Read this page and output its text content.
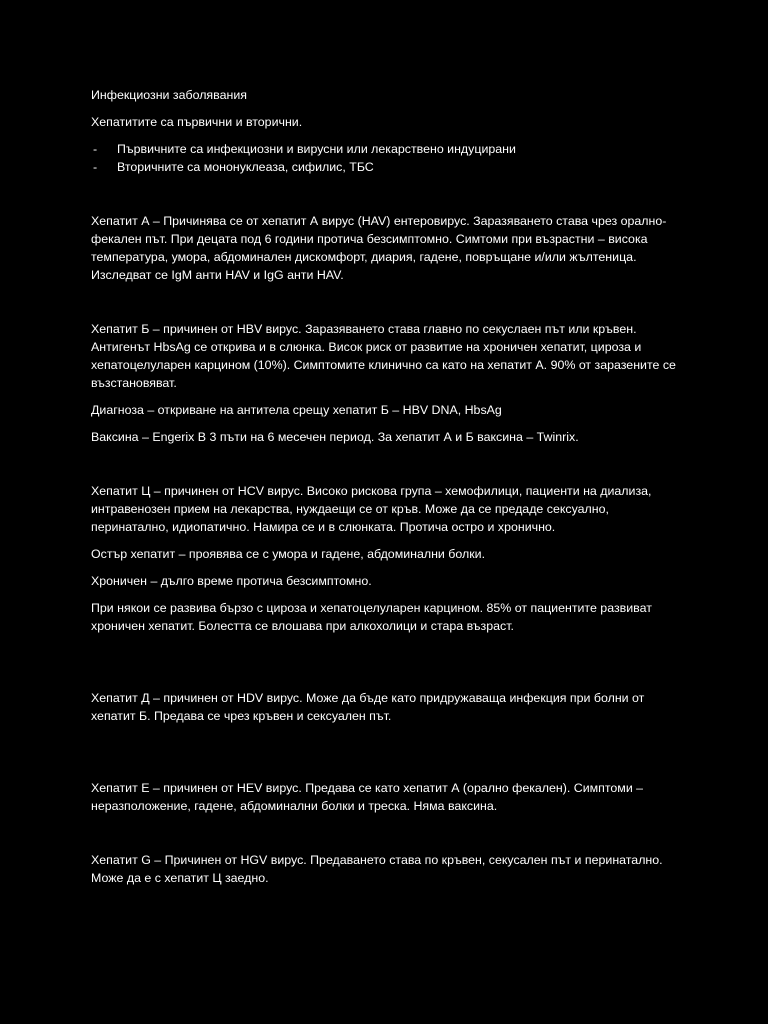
Инфекциозни заболявания

Хепатитите са първични и вторични.

- Първичните са инфекциозни и вирусни или лекарствено индуцирани
- Вторичните са мононуклеаза, сифилис, ТБС

Хепатит А – Причинява се от хепатит А вирус (HAV) ентеровирус. Заразяването става чрез орално-фекален път. При децата под 6 години протича безсимптомно. Симтоми при възрастни – висока температура, умора, абдоминален дискомфорт, диария, гадене, повръщане и/или жълтеница. Изследват се IgM анти HAV и IgG анти HAV.

Хепатит Б – причинен от HBV вирус. Заразяването става главно по секуслаен път или кръвен. Антигенът HbsAg се открива и в слюнка. Висок риск от развитие на хроничен хепатит, цироза и хепатоцелуларен карцином (10%). Симптомите клинично са като на хепатит А. 90% от заразените се възстановяват.

Диагноза – откриване на антитела срещу хепатит Б – HBV DNA, HbsAg

Ваксина – Engerix B 3 пъти на 6 месечен период. За хепатит А и Б ваксина – Twinrix.

Хепатит Ц – причинен от HCV вирус. Високо рискова група – хемофилици, пациенти на диализа, интравенозен прием на лекарства, нуждаещи се от кръв. Може да се предаде сексуално, перинатално, идиопатично. Намира се и в слюнката. Протича остро и хронично.

Остър хепатит – проявява се с умора и гадене, абдоминални болки.

Хроничен – дълго време протича безсимптомно.

При някои се развива бързо с цироза и хепатоцелуларен карцином. 85% от пациентите развиват хроничен хепатит. Болестта се влошава при алкохолици и стара възраст.

Хепатит Д – причинен от HDV вирус. Може да бъде като придружаваща инфекция при болни от хепатит Б. Предава се чрез кръвен и сексуален път.

Хепатит Е – причинен от HEV вирус. Предава се като хепатит А (орално фекален). Симптоми – неразположение, гадене, абдоминални болки и треска. Няма ваксина.

Хепатит G – Причинен от HGV вирус. Предаването става по кръвен, секусален път и перинатално. Може да е с хепатит Ц заедно.
